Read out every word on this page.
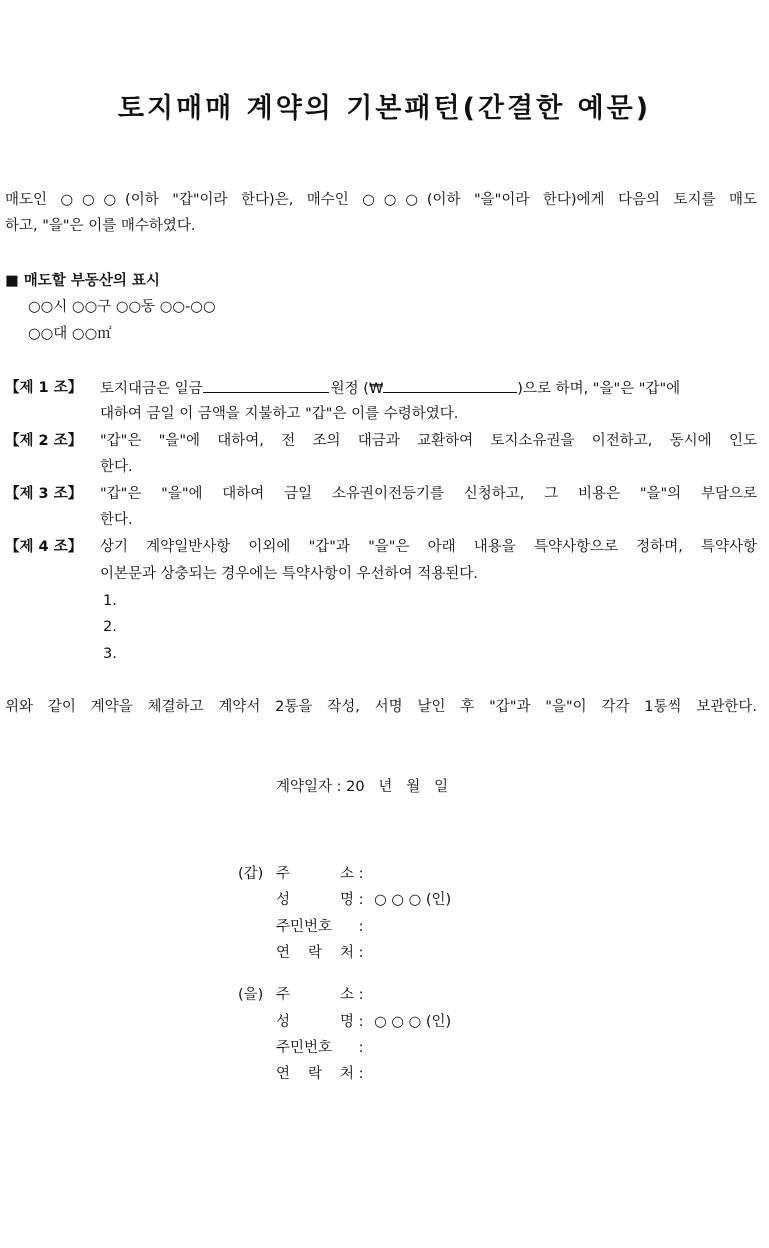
토지매매 계약의 기본패턴(간결한 예문)
매도인 ○○○(이하 "갑"이라 한다)은, 매수인 ○○○(이하 "을"이라 한다)에게 다음의 토지를 매도
하고, "을"은 이를 매수하였다.
■ 매도할 부동산의 표시
○○시 ○○구 ○○동 ○○-○○
○○대 ○○㎡
【제 1 조】 토지대금은 일금	원정 (₩	)으로 하며, "을"은 "갑"에
대하여 금일 이 금액을 지불하고 "갑"은 이를 수령하였다.
【제 2 조】 "갑"은 "을"에 대하여, 전 조의 대금과 교환하여 토지소유권을 이전하고, 동시에 인도
한다.
【제 3 조】 "갑"은 "을"에 대하여 금일 소유권이전등기를 신청하고, 그 비용은 "을"의 부담으로
한다.
【제 4 조】 상기 계약일반사항 이외에 "갑"과 "을"은 아래 내용을 특약사항으로 정하며, 특약사항
이본문과 상충되는 경우에는 특약사항이 우선하여 적용된다.
1.
2.
3.
위와 같이 계약을 체결하고 계약서 2통을 작성, 서명 날인 후 "갑"과 "을"이 각각 1통씩 보관한다.
계약일자 : 20   년   월   일
(갑) 주 소 :
성 명 : ○ ○ ○ (인)
주민번호 :
연 락 처 :
(을) 주 소 :
성 명 : ○ ○ ○ (인)
주민번호 :
연 락 처 :
